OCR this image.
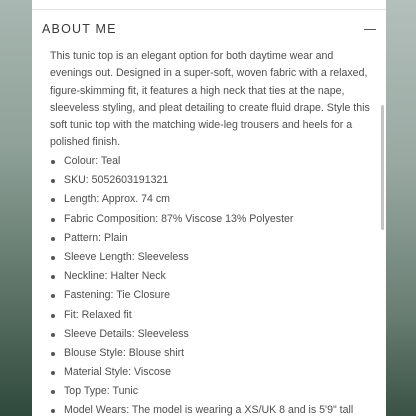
ABOUT ME
This tunic top is an elegant option for both daytime wear and evenings out. Designed in a super-soft, woven fabric with a relaxed, figure-skimming fit, it features a high neck that ties at the nape, sleeveless styling, and pleat detailing to create fluid drape. Style this soft tunic top with the matching wide-leg trousers and heels for a polished finish.
Colour: Teal
SKU: 5052603191321
Length: Approx. 74 cm
Fabric Composition: 87% Viscose 13% Polyester
Pattern: Plain
Sleeve Length: Sleeveless
Neckline: Halter Neck
Fastening: Tie Closure
Fit: Relaxed fit
Sleeve Details: Sleeveless
Blouse Style: Blouse shirt
Material Style: Viscose
Top Type: Tunic
Model Wears: The model is wearing a XS/UK 8 and is 5'9" tall
